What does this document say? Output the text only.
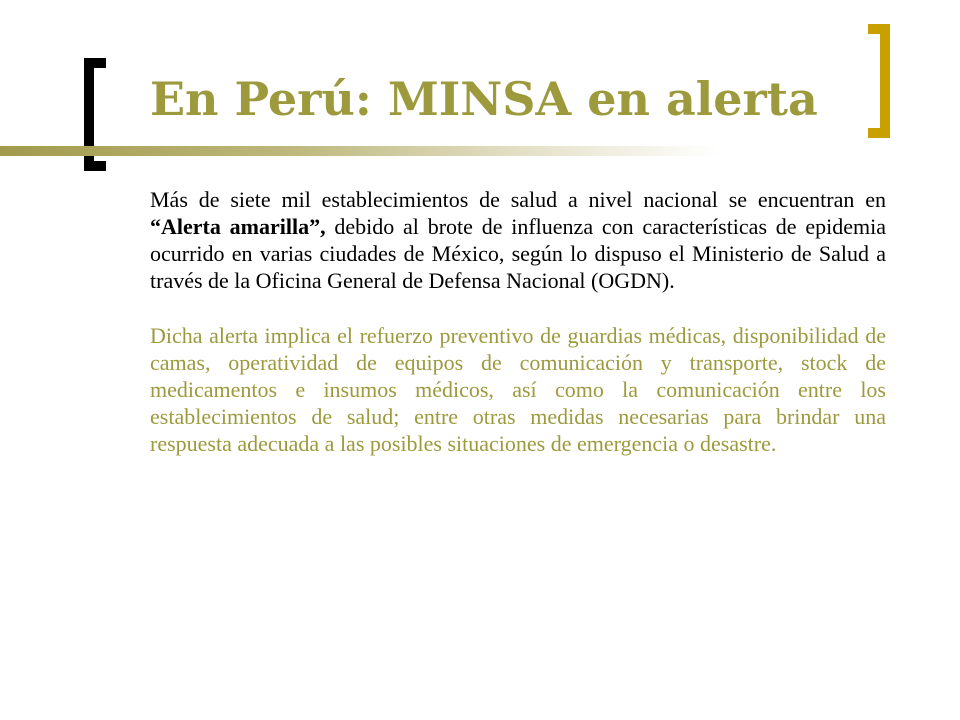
En Perú: MINSA en alerta

Más de siete mil establecimientos de salud a nivel nacional se encuentran en “Alerta amarilla”, debido al brote de influenza con características de epidemia ocurrido en varias ciudades de México, según lo dispuso el Ministerio de Salud a través de la Oficina General de Defensa Nacional (OGDN).

Dicha alerta implica el refuerzo preventivo de guardias médicas, disponibilidad de camas, operatividad de equipos de comunicación y transporte, stock de medicamentos e insumos médicos, así como la comunicación entre los establecimientos de salud; entre otras medidas necesarias para brindar una respuesta adecuada a las posibles situaciones de emergencia o desastre.
